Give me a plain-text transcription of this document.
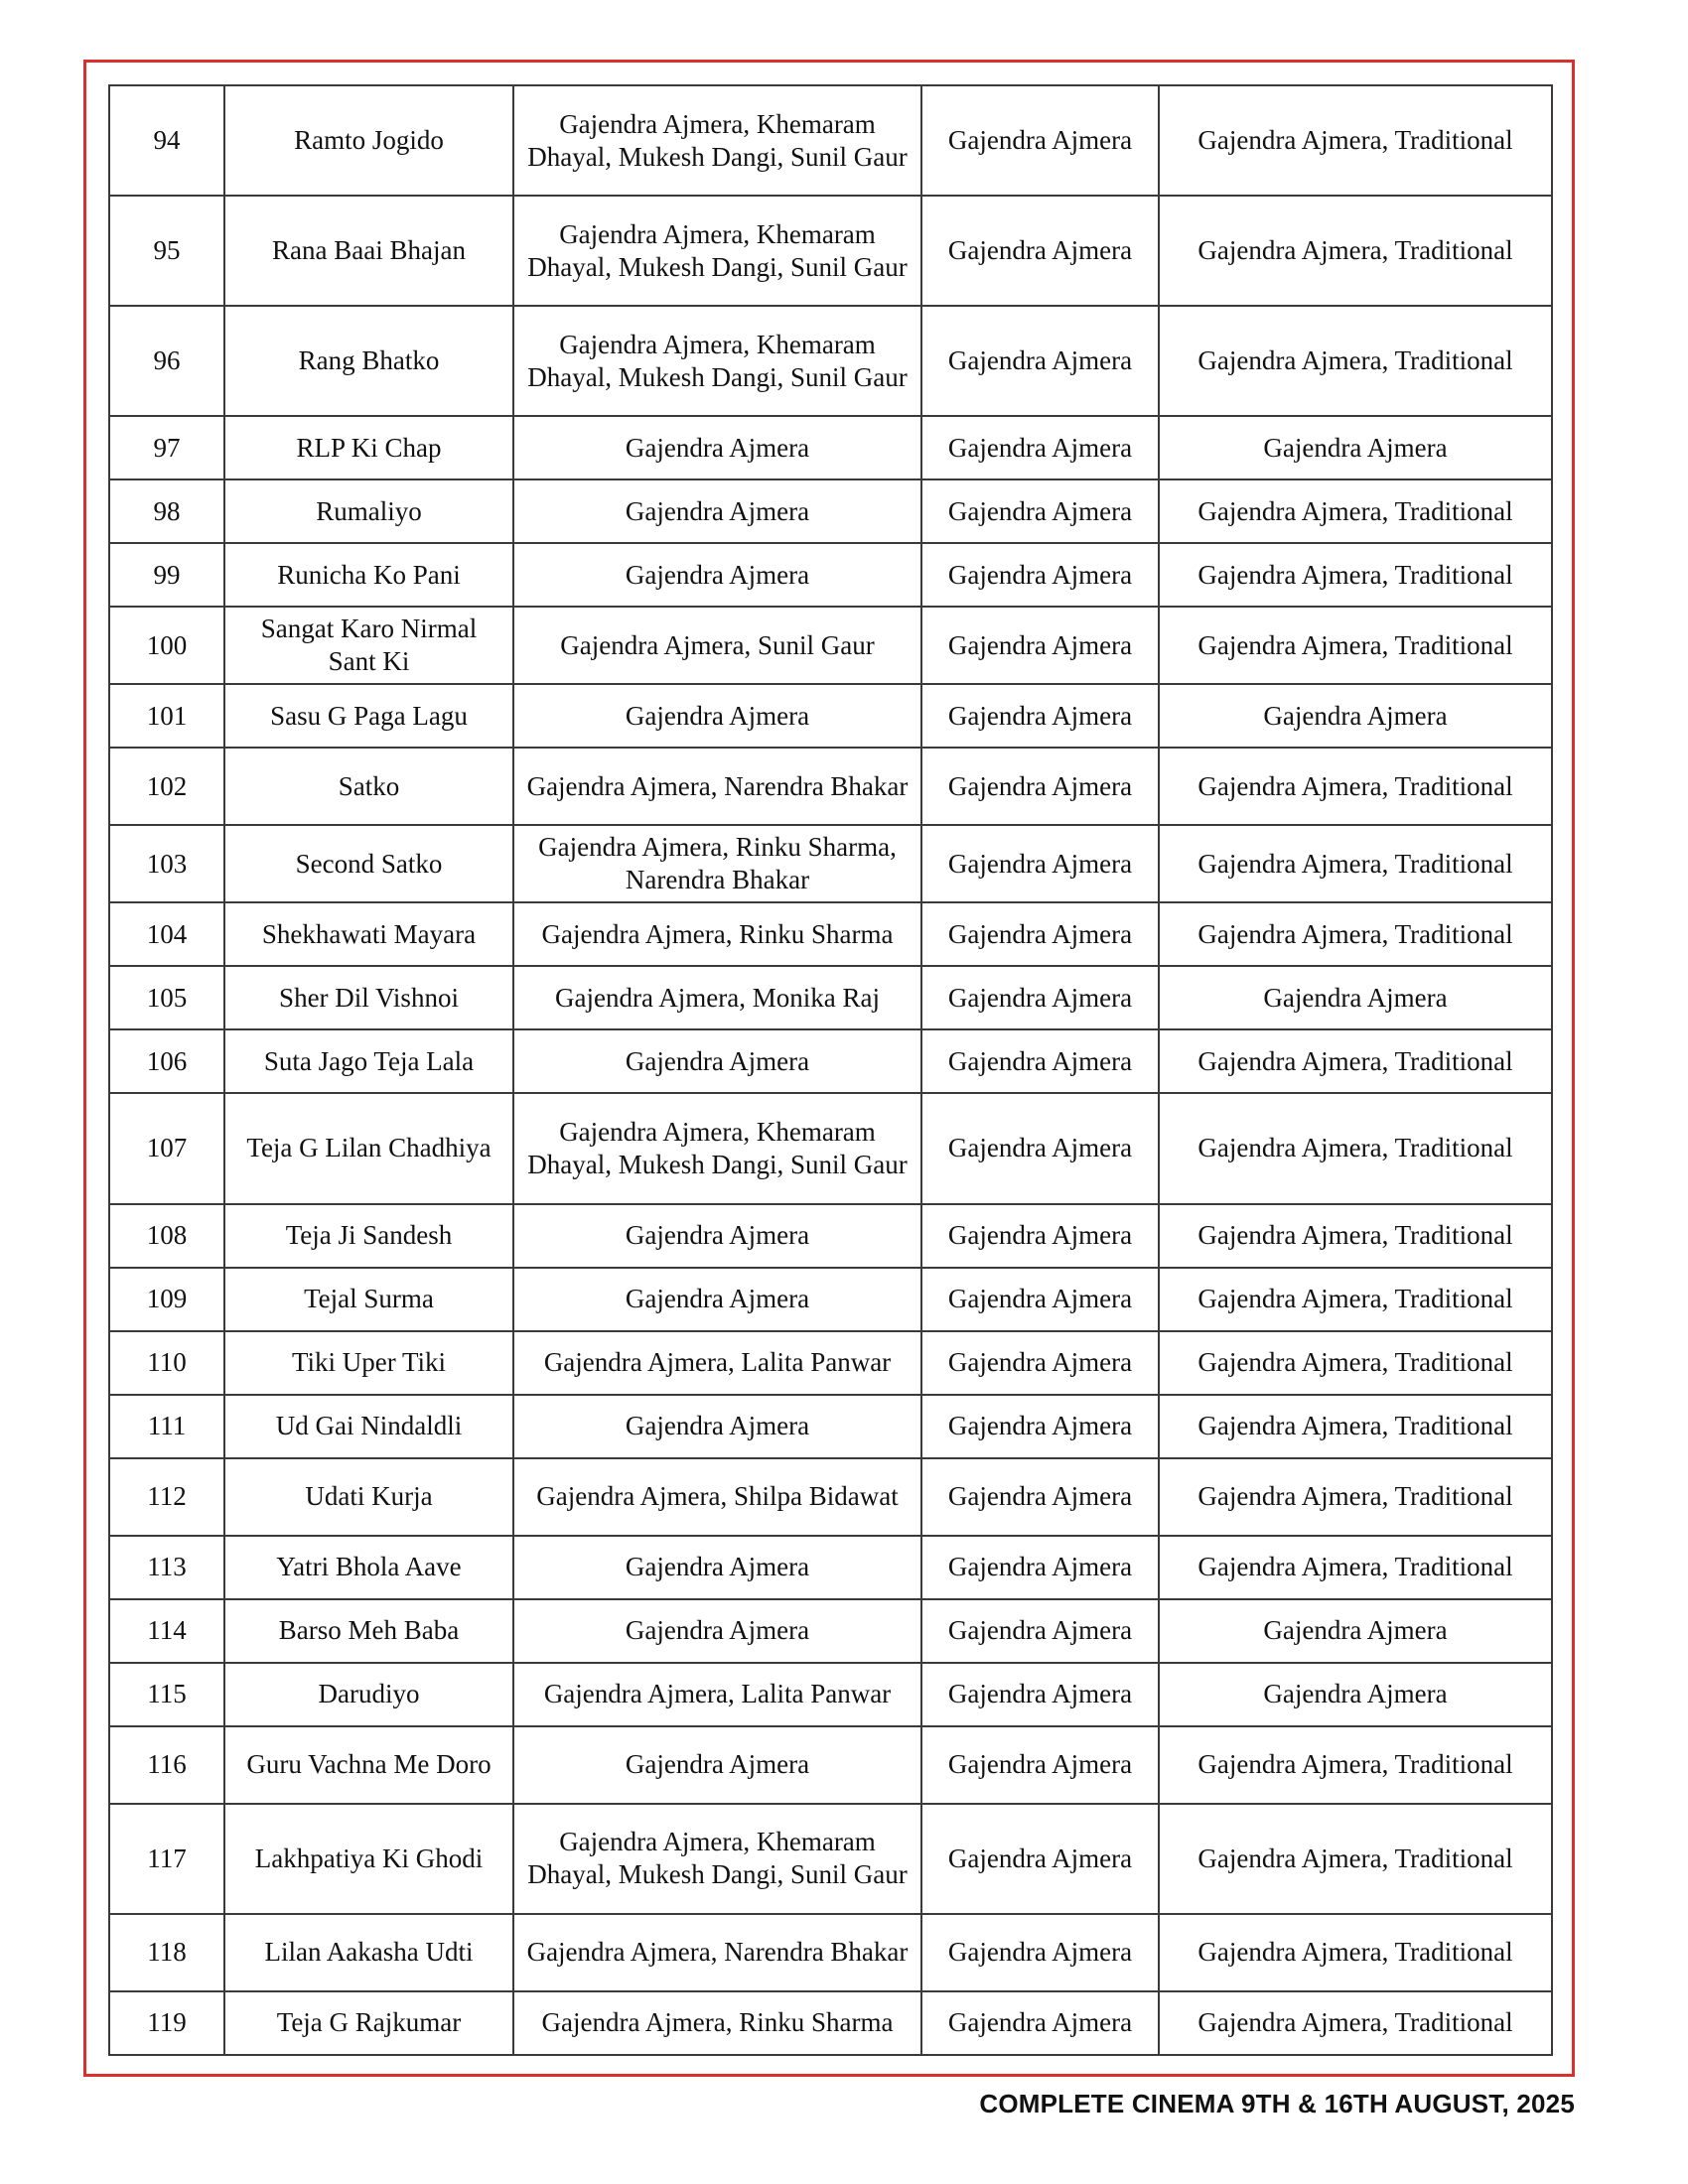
94	Ramto Jogido	Gajendra Ajmera, Khemaram Dhayal, Mukesh Dangi, Sunil Gaur	Gajendra Ajmera	Gajendra Ajmera, Traditional
95	Rana Baai Bhajan	Gajendra Ajmera, Khemaram Dhayal, Mukesh Dangi, Sunil Gaur	Gajendra Ajmera	Gajendra Ajmera, Traditional
96	Rang Bhatko	Gajendra Ajmera, Khemaram Dhayal, Mukesh Dangi, Sunil Gaur	Gajendra Ajmera	Gajendra Ajmera, Traditional
97	RLP Ki Chap	Gajendra Ajmera	Gajendra Ajmera	Gajendra Ajmera
98	Rumaliyo	Gajendra Ajmera	Gajendra Ajmera	Gajendra Ajmera, Traditional
99	Runicha Ko Pani	Gajendra Ajmera	Gajendra Ajmera	Gajendra Ajmera, Traditional
100	Sangat Karo Nirmal Sant Ki	Gajendra Ajmera, Sunil Gaur	Gajendra Ajmera	Gajendra Ajmera, Traditional
101	Sasu G Paga Lagu	Gajendra Ajmera	Gajendra Ajmera	Gajendra Ajmera
102	Satko	Gajendra Ajmera, Narendra Bhakar	Gajendra Ajmera	Gajendra Ajmera, Traditional
103	Second Satko	Gajendra Ajmera, Rinku Sharma, Narendra Bhakar	Gajendra Ajmera	Gajendra Ajmera, Traditional
104	Shekhawati Mayara	Gajendra Ajmera, Rinku Sharma	Gajendra Ajmera	Gajendra Ajmera, Traditional
105	Sher Dil Vishnoi	Gajendra Ajmera, Monika Raj	Gajendra Ajmera	Gajendra Ajmera
106	Suta Jago Teja Lala	Gajendra Ajmera	Gajendra Ajmera	Gajendra Ajmera, Traditional
107	Teja G Lilan Chadhiya	Gajendra Ajmera, Khemaram Dhayal, Mukesh Dangi, Sunil Gaur	Gajendra Ajmera	Gajendra Ajmera, Traditional
108	Teja Ji Sandesh	Gajendra Ajmera	Gajendra Ajmera	Gajendra Ajmera, Traditional
109	Tejal Surma	Gajendra Ajmera	Gajendra Ajmera	Gajendra Ajmera, Traditional
110	Tiki Uper Tiki	Gajendra Ajmera, Lalita Panwar	Gajendra Ajmera	Gajendra Ajmera, Traditional
111	Ud Gai Nindaldli	Gajendra Ajmera	Gajendra Ajmera	Gajendra Ajmera, Traditional
112	Udati Kurja	Gajendra Ajmera, Shilpa Bidawat	Gajendra Ajmera	Gajendra Ajmera, Traditional
113	Yatri Bhola Aave	Gajendra Ajmera	Gajendra Ajmera	Gajendra Ajmera, Traditional
114	Barso Meh Baba	Gajendra Ajmera	Gajendra Ajmera	Gajendra Ajmera
115	Darudiyo	Gajendra Ajmera, Lalita Panwar	Gajendra Ajmera	Gajendra Ajmera
116	Guru Vachna Me Doro	Gajendra Ajmera	Gajendra Ajmera	Gajendra Ajmera, Traditional
117	Lakhpatiya Ki Ghodi	Gajendra Ajmera, Khemaram Dhayal, Mukesh Dangi, Sunil Gaur	Gajendra Ajmera	Gajendra Ajmera, Traditional
118	Lilan Aakasha Udti	Gajendra Ajmera, Narendra Bhakar	Gajendra Ajmera	Gajendra Ajmera, Traditional
119	Teja G Rajkumar	Gajendra Ajmera, Rinku Sharma	Gajendra Ajmera	Gajendra Ajmera, Traditional
COMPLETE CINEMA 9TH & 16TH AUGUST, 2025
